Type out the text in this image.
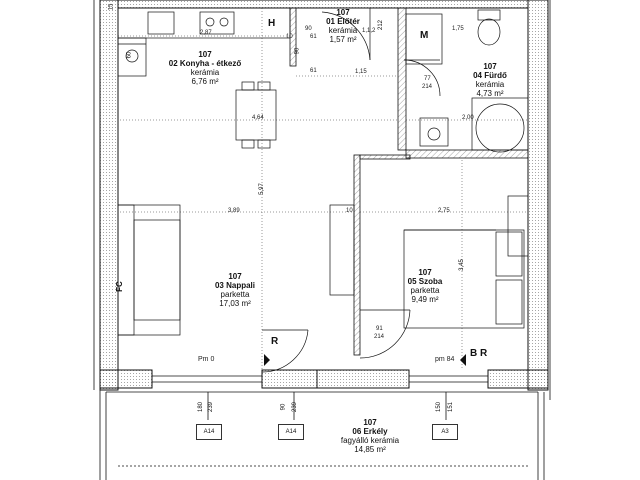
107
01 Előtér
kerámia
1,57 m²
107
02 Konyha - étkező
kerámia
6,76 m²
107
03 Nappali
parketta
17,03 m²
107
04 Fürdő
kerámia
4,73 m²
107
05 Szoba
parketta
9,49 m²
107
06 Erkély
fagyálló kerámia
14,85 m²
H
M
FC
R
B R
Pm 0	pm 84
2,87
10
90
61
1,15
61
1,75
77
214
4,64	2,00
3,89	10	2,75
91
214
5,97
3,45
15
60
212
1,1,2
180 239	90 239	150 151
90
A14	A14	A3
